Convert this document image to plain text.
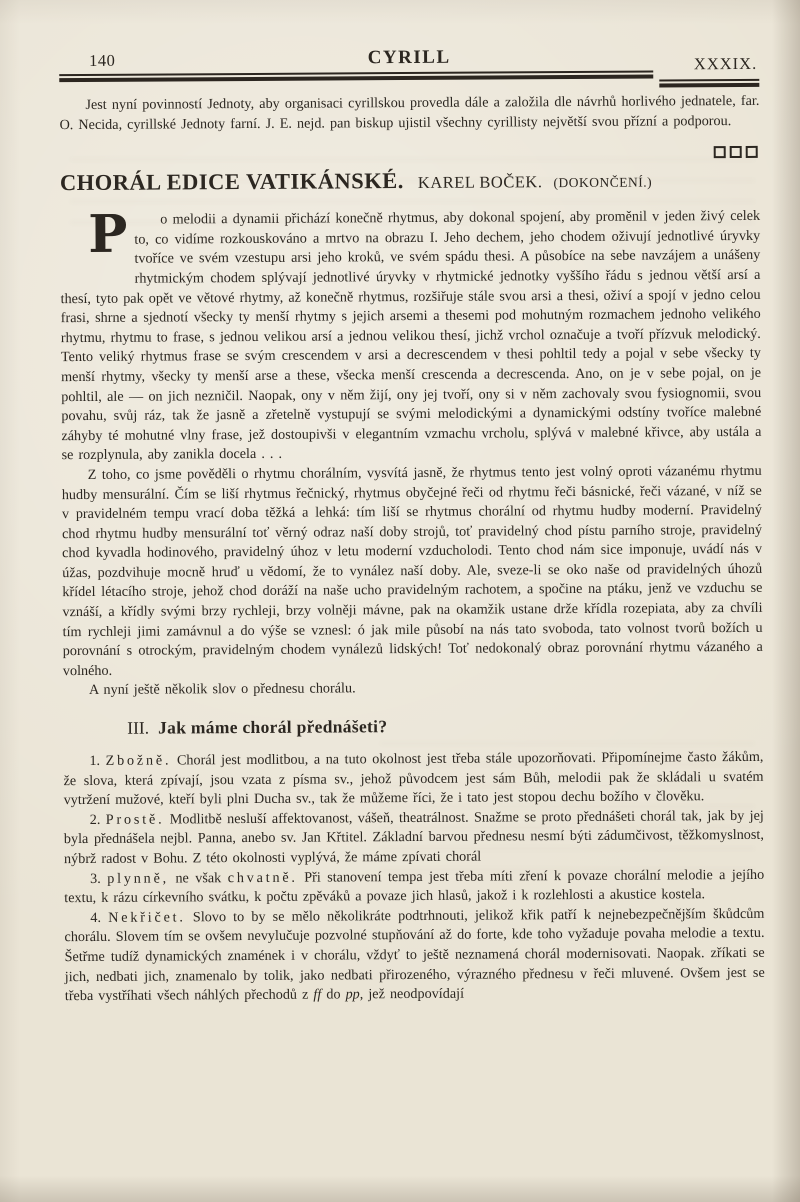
140	CYRILL	XXXIX.

Jest nyní povinností Jednoty, aby organisaci cyrillskou provedla dále a založila dle návrhů horlivého jednatele, far. O. Necida, cyrillské Jednoty farní. J. E. nejd. pan biskup ujistil všechny cyrillisty největší svou přízní a podporou.

CHORÁL EDICE VATIKÁNSKÉ. KAREL BOČEK. (DOKONČENÍ.)

P	o melodii a dynamii přichází konečně rhytmus, aby dokonal spojení, aby proměnil v jeden živý celek to, co vidíme rozkouskováno a mrtvo na obrazu I. Jeho dechem, jeho chodem oživují jednotlivé úryvky tvoříce ve svém vzestupu arsi jeho kroků, ve svém spádu thesi. A působíce na sebe navzájem a unášeny rhytmickým chodem splývají jednotlivé úryvky v rhytmické jednotky vyššího řádu s jednou větší arsí a thesí, tyto pak opět ve větové rhytmy, až konečně rhytmus, rozšiřuje stále svou arsi a thesi, oživí a spojí v jedno celou frasi, shrne a sjednotí všecky ty menší rhytmy s jejich arsemi a thesemi pod mohutným rozmachem jednoho velikého rhytmu, rhytmu to frase, s jednou velikou arsí a jednou velikou thesí, jichž vrchol označuje a tvoří přízvuk melodický. Tento veliký rhytmus frase se svým crescendem v arsi a decrescendem v thesi pohltil tedy a pojal v sebe všecky ty menší rhytmy, všecky ty menší arse a these, všecka menší crescenda a decrescenda. Ano, on je v sebe pojal, on je pohltil, ale — on jich nezničil. Naopak, ony v něm žijí, ony jej tvoří, ony si v něm zachovaly svou fysiognomii, svou povahu, svůj ráz, tak že jasně a zřetelně vystupují se svými melodickými a dynamickými odstíny tvoříce malebné záhyby té mohutné vlny frase, jež dostoupivši v elegantním vzmachu vrcholu, splývá v malebné křivce, aby ustála a se rozplynula, aby zanikla docela . . .

Z toho, co jsme pověděli o rhytmu chorálním, vysvítá jasně, že rhytmus tento jest volný oproti vázanému rhytmu hudby mensurální. Čím se liší rhytmus řečnický, rhytmus obyčejné řeči od rhytmu řeči básnické, řeči vázané, v níž se v pravidelném tempu vrací doba těžká a lehká: tím liší se rhytmus chorální od rhytmu hudby moderní. Pravidelný chod rhytmu hudby mensurální toť věrný odraz naší doby strojů, toť pravidelný chod pístu parního stroje, pravidelný chod kyvadla hodinového, pravidelný úhoz v letu moderní vzducholodi. Tento chod nám sice imponuje, uvádí nás v úžas, pozdvihuje mocně hruď u vědomí, že to vynález naší doby. Ale, sveze-li se oko naše od pravidelných úhozů křídel létacího stroje, jehož chod doráží na naše ucho pravidelným rachotem, a spočine na ptáku, jenž ve vzduchu se vznáší, a křídly svými brzy rychleji, brzy volněji mávne, pak na okamžik ustane drže křídla rozepiata, aby za chvíli tím rychleji jimi zamávnul a do výše se vznesl: ó jak mile působí na nás tato svoboda, tato volnost tvorů božích u porovnání s otrockým, pravidelným chodem vynálezů lidských! Toť nedokonalý obraz porovnání rhytmu vázaného a volného.

A nyní ještě několik slov o přednesu chorálu.

III. Jak máme chorál přednášeti?

1. Zbožně. Chorál jest modlitbou, a na tuto okolnost jest třeba stále upozorňovati. Připomínejme často žákům, že slova, která zpívají, jsou vzata z písma sv., jehož původcem jest sám Bůh, melodii pak že skládali u svatém vytržení mužové, kteří byli plni Ducha sv., tak že můžeme říci, že i tato jest stopou dechu božího v člověku.

2. Prostě. Modlitbě nesluší affektovanost, vášeň, theatrálnost. Snažme se proto přednášeti chorál tak, jak by jej byla přednášela nejbl. Panna, anebo sv. Jan Křtitel. Základní barvou přednesu nesmí býti zádumčivost, těžkomyslnost, nýbrž radost v Bohu. Z této okolnosti vyplývá, že máme zpívati chorál

3. plynně, ne však chvatně. Při stanovení tempa jest třeba míti zření k povaze chorální melodie a jejího textu, k rázu církevního svátku, k počtu zpěváků a povaze jich hlasů, jakož i k rozlehlosti a akustice kostela.

4. Nekřičet. Slovo to by se mělo několikráte podtrhnouti, jelikož křik patří k nejnebezpečnějším škůdcům chorálu. Slovem tím se ovšem nevylučuje pozvolné stupňování až do forte, kde toho vyžaduje povaha melodie a textu. Šetřme tudíž dynamických znamének i v chorálu, vždyť to ještě neznamená chorál modernisovati. Naopak. zříkati se jich, nedbati jich, znamenalo by tolik, jako nedbati přirozeného, výrazného přednesu v řeči mluvené. Ovšem jest se třeba vystříhati všech náhlých přechodů z ff do pp, jež neodpovídají
